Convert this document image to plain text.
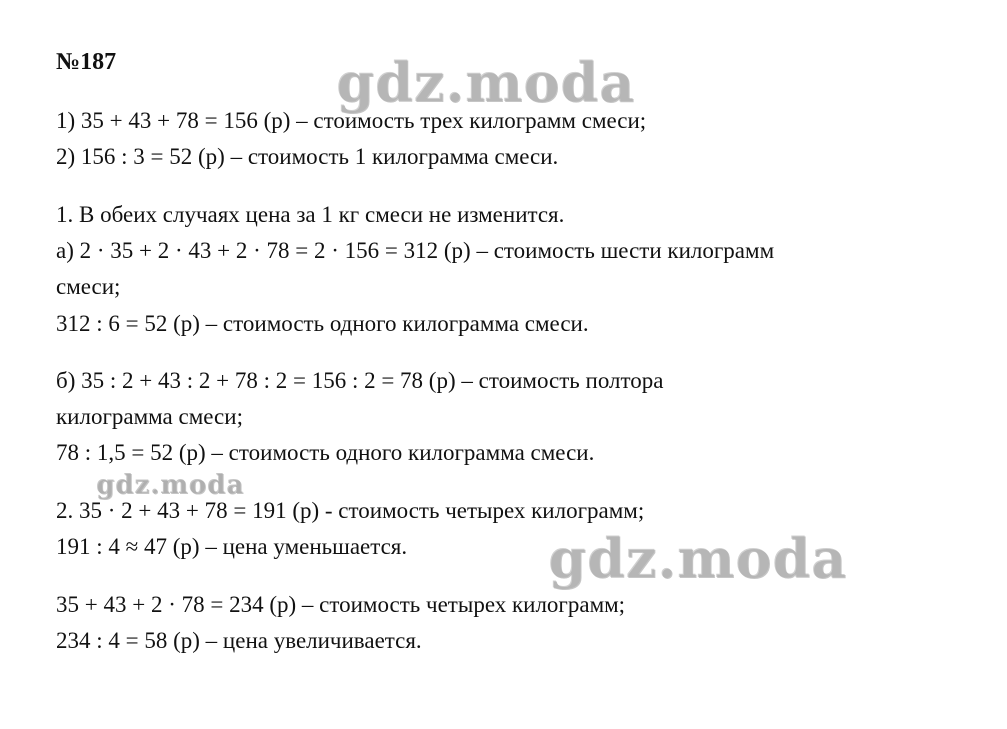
№187
1) 35 + 43 + 78 = 156 (р) – стоимость трех килограмм смеси;
2) 156 : 3 = 52 (р) – стоимость 1 килограмма смеси.
1. В обеих случаях цена за 1 кг смеси не изменится.
а) 2 · 35 + 2 · 43 + 2 · 78 = 2 · 156 = 312 (р) – стоимость шести килограмм
смеси;
312 : 6 = 52 (р) – стоимость одного килограмма смеси.
б) 35 : 2 + 43 : 2 + 78 : 2 = 156 : 2 = 78 (р) – стоимость полтора
килограмма смеси;
78 : 1,5 = 52 (р) – стоимость одного килограмма смеси.
2. 35 · 2 + 43 + 78 = 191 (р) - стоимость четырех килограмм;
191 : 4 ≈ 47 (р) – цена уменьшается.
35 + 43 + 2 · 78 = 234 (р) – стоимость четырех килограмм;
234 : 4 = 58 (р) – цена увеличивается.
gdz.moda
gdz.moda
gdz.moda
